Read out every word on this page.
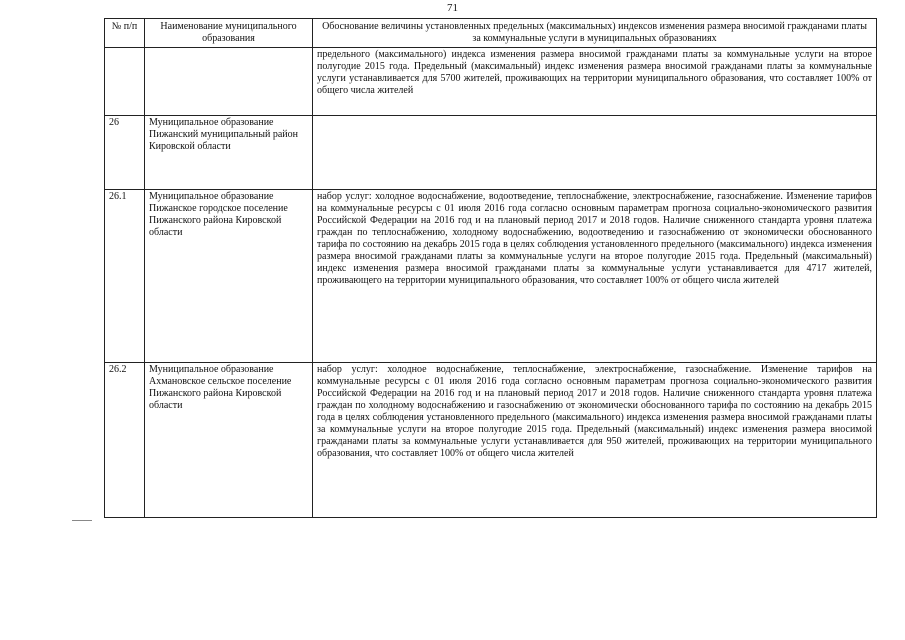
71
№ п/п	Наименование муниципального образования	Обоснование величины установленных предельных (максимальных) индексов изменения размера вносимой гражданами платы за коммунальные услуги в муниципальных образованиях
		предельного (максимального) индекса изменения размера вносимой гражданами платы за коммунальные услуги на второе полугодие 2015 года. Предельный (максимальный) индекс изменения размера вносимой гражданами платы за коммунальные услуги устанавливается для 5700 жителей, проживающих на территории муниципального образования, что составляет 100% от общего числа жителей
26	Муниципальное образование Пижанский муниципальный район Кировской области	
26.1	Муниципальное образование Пижанское городское поселение Пижанского района Кировской области	набор услуг: холодное водоснабжение, водоотведение, теплоснабжение, электроснабжение, газоснабжение. Изменение тарифов на коммунальные ресурсы с 01 июля 2016 года согласно основным параметрам прогноза социально-экономического развития Российской Федерации на 2016 год и на плановый период 2017 и 2018 годов. Наличие сниженного стандарта уровня платежа граждан по теплоснабжению, холодному водоснабжению, водоотведению и газоснабжению от экономически обоснованного тарифа по состоянию на декабрь 2015 года в целях соблюдения установленного предельного (максимального) индекса изменения размера вносимой гражданами платы за коммунальные услуги на второе полугодие 2015 года. Предельный (максимальный) индекс изменения размера вносимой гражданами платы за коммунальные услуги устанавливается для 4717 жителей, проживающего на территории муниципального образования, что составляет 100% от общего числа жителей
26.2	Муниципальное образование Ахмановское сельское поселение Пижанского района Кировской области	набор услуг: холодное водоснабжение, теплоснабжение, электроснабжение, газоснабжение. Изменение тарифов на коммунальные ресурсы с 01 июля 2016 года согласно основным параметрам прогноза социально-экономического развития Российской Федерации на 2016 год и на плановый период 2017 и 2018 годов. Наличие сниженного стандарта уровня платежа граждан по холодному водоснабжению и газоснабжению от экономически обоснованного тарифа по состоянию на декабрь 2015 года в целях соблюдения установленного предельного (максимального) индекса изменения размера вносимой гражданами платы за коммунальные услуги на второе полугодие 2015 года. Предельный (максимальный) индекс изменения размера вносимой гражданами платы за коммунальные услуги устанавливается для 950 жителей, проживающих на территории муниципального образования, что составляет 100% от общего числа жителей
